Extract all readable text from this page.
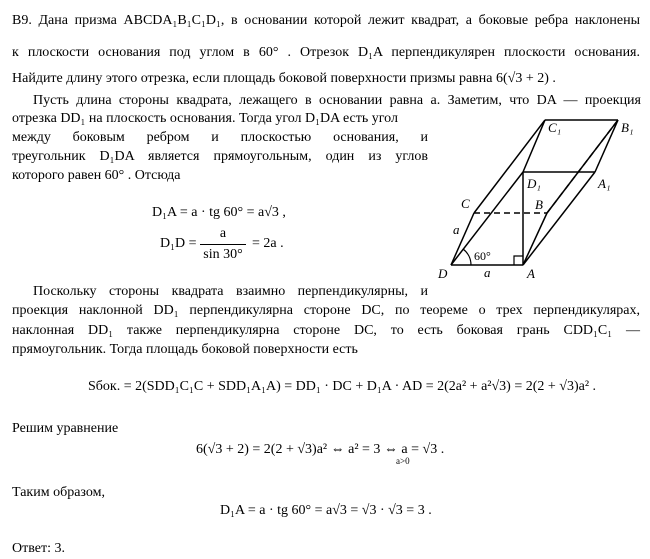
B9. Дана призма ABCDA₁B₁C₁D₁, в основании которой лежит квадрат, а боковые ребра наклонены
к плоскости основания под углом в 60° . Отрезок D₁A перпендикулярен плоскости основания.
Найдите длину этого отрезка, если площадь боковой поверхности призмы равна 6(√3 + 2) .
Пусть длина стороны квадрата, лежащего в основании равна a. Заметим, что DA — проекция
отрезка DD₁ на плоскость основания. Тогда угол D₁DA есть угол
между боковым ребром и плоскостью основания, и
треугольник D₁DA является прямоугольным, один из углов
которого равен 60° . Отсюда
D₁A = a · tg 60° = a√3 ,
D₁D =
a
sin 30°
= 2a .
Поскольку стороны квадрата взаимно перпендикулярны, и
проекция наклонной DD₁ перпендикулярна стороне DC, по теореме о трех перпендикулярах,
наклонная DD₁ также перпендикулярна стороне DC, то есть боковая грань CDD₁C₁ —
прямоугольник. Тогда площадь боковой поверхности есть
Sбок. = 2(SDD₁C₁C + SDD₁A₁A) = DD₁ · DC + D₁A · AD = 2(2a² + a²√3) = 2(2 + √3)a² .
Решим уравнение
6(√3 + 2) = 2(2 + √3)a² ⇔ a² = 3 ⇔ a = √3 .
a>0
Таким образом,
D₁A = a · tg 60° = a√3 = √3 · √3 = 3 .
Ответ: 3.
D	A
C	B
D₁	A₁
C₁	B₁
a
a
60°
